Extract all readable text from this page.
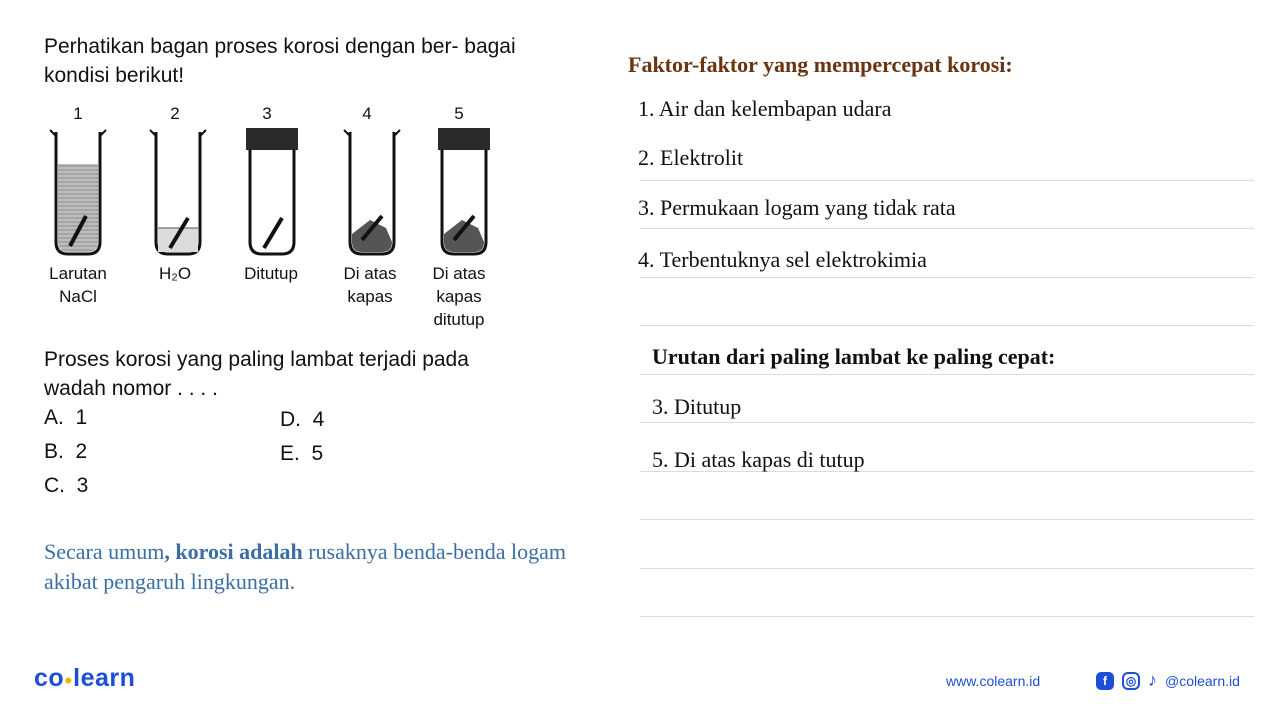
Perhatikan bagan proses korosi dengan ber- bagai kondisi berikut!
1	2	3	4	5
Larutan
NaCl
H₂O	Ditutup	Di atas
kapas
Di atas
kapas
ditutup
Proses korosi yang paling lambat terjadi pada wadah nomor . . . .
A. 1
B. 2
C. 3
D. 4
E. 5
Secara umum, korosi adalah rusaknya benda-benda logam akibat pengaruh lingkungan.
Faktor-faktor yang mempercepat korosi:
1. Air dan kelembapan udara
2. Elektrolit
3. Permukaan logam yang tidak rata
4. Terbentuknya sel elektrokimia
Urutan dari paling lambat ke paling cepat:
3. Ditutup
5. Di atas kapas di tutup
co●learn	www.colearn.id	f	◎ ♪ @colearn.id
